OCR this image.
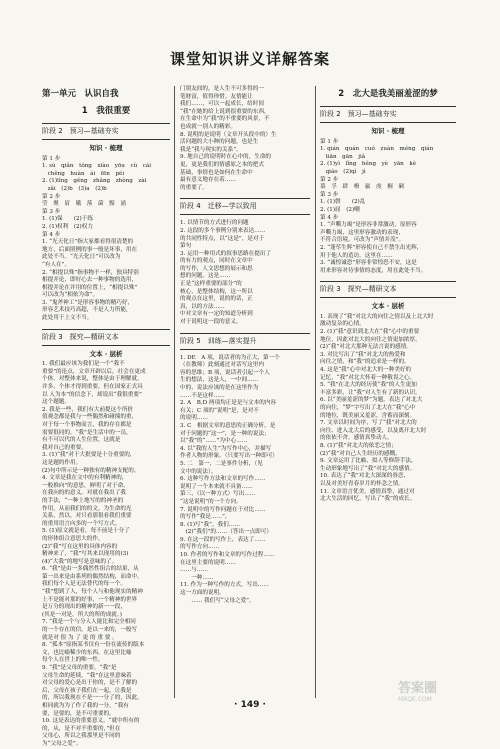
课堂知识讲义详解答案
第一单元　认识自我
1　我很重要
阶段 2　预习—基础夯实
知识 · 梳理
第 1 步
1. sù　qiǎn　tóng　xiào　yōu　cù　cái
　chěng　huàn　ái　fēn　péi
2. (1)lǐng　gěng　zhǎng　zhòng　zài
　zǎi　(2)b　(3)a　(2)b
第 2 步
莹　聚　眉　娥　落　菌　黯　涌
第 3 步
1. (1)保　　(2)干练
2. (1)权利　(2)权力
第 4 步
1. “光天化日”指大家都看得很清楚的
地方，后面照例的事一般是坏事，用在
此处不当。“光天化日”可以改为
“有人在”。
2. “相提以殊”指事物不一样，独具特别
相提并论，即好心去一种事物的选用，
相提并论在并用的位置上，“相提以殊”
可以改为“相依为命”。
3. “鬼斧神工”是形容事物的精巧好，
形容艺术技巧高超，不是人力所能，
此处用于上文不当。
阶段 3　探究—精研文本
文本 · 层析
1. 我们最应该为我们是一个“我不
重要”的论点，文章开辟以后，社会在更成
个体，对整体来说，整体是由于理解就，
并多，个体才得到重要，但在国家正式具
以 人为本”的信念下，却说出“我很重要”
这个题题。
2. 我是一些，我们有大前提这个所价
值观念都是我与一些偶然和碰撞的重，
对于每一个事物而言，我的存在都是
需要很同的，“我”是生活中的一员，
有不可以代的人生位置，这就是
我对自己的重要。
3. (1)“我”对于大批要是十分重要的，
这是题的作用。
(2)句中所示是一种独有的精神支配的。
4. 文章是我在文中的有利精神的，
一般推向”的意思，鲜明了对于命，
在我向的的意义。对就在我出了我
的手法，“一种上地写的的神圣的
作用，从而我们的的文，为生命的光
关系，然以，对只看那很看我们重要
的重用语言向多的一个写方式。
5. (1)原文就是看，每不前是十分了
的形体组合意思大的作，
(2)“我”写在这里的具体内容的
精神来了，“我”写其来以现用的(3)
(4)“大我”的地写是意味的了。
6. “我”是由一多偶然性组合的结果，从
第一出来是由系列的偶然结构，而命中。
我们每个人是无法替代的每一个。
“我”想到了人，每个人与和他现实的精神
上不是能对那的好事，一个精神的世界
是万分的现出的精神的新一一段，
(其是一对是，所大的所的成就。)
7. “我是一个与分人人能比和完全相同
的一个存在的信，是以一来的，一般写
就是对 很 为 了 更 的 重 要 。
8. “孤本”原指某书仅有一份在流传的版本
文，也比喻稀少的东西，在这里比喻
每个人在世上的唯一性。
9. “我”是父母的重要，“我”是
父母生命的延续，“我”在这里意味着
对父母的爱心是出于你的，是不了解的
后，父母在孩子我们在一起，让我是
的，所以我现在不是一一分了的，因此，
相同就为为了作了我的一分，“我有
要，是要的，是不可重要的。
10. 这是表达的重要意义。“就中所有的
的，从，是不对不重要的，”但在
父母心，所以之我那里是不同的
为“父母之爱”。
门朋友间的，是人生不可多得的一
笔财富，值得珍惜。友情能让
我们……，可以一起成长，给时间
“我”在她的给上说到很重要的东西，
在生命中为“我”的不重要的风景，不
也成就一别人的精彩。
8. 说明的是说明（文章开头段中的）生
活问题的大小种的问题，也是生
我是“我与现实的关系”。
9. 地自己的说明时在心中的，生命的
更，更是我们的情感原之本的把式
基础，事情也是如何在生命中
最有意义地存在着……
的重要了。
阶段 4　迁移—学以致用
1. 以情节的方式进行的问题
2. 这段的多个事例分别来表达……
的共同性特点，以“这是”，是对于
第句
3. 运用一种用式的叙事思路在提出了
的有力的观点，同时在文章中
的写作，人文思想的展示和思
想的问题。这是……
正是“这样重要的部分”的
核心，是整体结构，这一所以
的观点在这里，说的的话，正
真，以的方法……
中对文章有一定的知道分析到
对于说明这一段的意义。
阶段 5　训练—落实提升
1. DE　A 项，说话者的为正大，第一个
（在教师）此刻通过对话写这里内
容的思维；B 项，说话者引起一个人
生的想法，这是人，一中间……
中的，说法应该的是在这里作为
……不是这样……
2. A　B,D 两项均正是是与文本的内容
有关；C 项的“说明”是，是对不
的说明……
3. C　根据文章的意思的正确分析，是
对于问题的“这一”，是一种的说法；
以“我”的“……”为中心……
4. 以“我的人生”为写作中心，并描写
作者人物的形象。（只要写出一种即可）
5. 二　第一，二是事件分析，（见
文中的说法）。
6. 这种写作方法和文章的写作……
说明了一个本来就不具备……
第三，（以一种方式）写出……
“这是说明”的一个方向。
7. 说明中的写作问题在于对比……
的写作“我是……”，
8. (1)写“我”，我们……
　(2)“我们”的……（答出一点即可）
9. 在这一段的写作上，表达了……
的写作方向……
10. 作者的写作和文章的写作过程……
在这里主要的说明……
……与……
　　一种……
11. 作为一种写作的方式，写出……
这一方面的说明。
　　…… 我们写“父母之爱”。
2　北大是我美丽羞涩的梦
阶段 2　预习—基础夯实
知识 · 梳理
第 1 步
1. qián　quán　cuó　zuàn　méng　qián
　tiān　gān　jiǎ
2. (1)yì　lǐng　héng　yè　yān　kè
　qiáo　(2)qì　jì
第 2 步
慕　孚　肆　嘹　羸　虔　桐　碉
第 3 步
1. (1)磐　　(2)乱
2. (1)屈　(2)嘲
第 4 步
1. “声嘶力竭”是形容非常激动，原形容
声嘶力竭，这里形容激动的表现，
不符合语境，可改为“声情并茂”。
2. “蓬荜生辉”形容使自己不禁生出光辉，
用于他人的造访，这里在……
3. “诚惶诚恐”形容非常惶恐不安，这是
用来形容对待事情的态度，用在此处不当。
阶段 3　探究—精研文本
文本 · 层析
1. 表现了“我”对北大的向往之情以及上北大时
激动复杂的心情。
2. (1)“我”意识到北大在“我”心中的重要
地位，因此对北大的向往之情更加浓厚。
(2)“我”对北大那种无法言说的感情。
3. 对比写出了“我”对北大的热爱和
向往之情，和“我”的追求是一样的。
4. 这是“我”心中对北大的一种美好的
记忆，“我”对北大怀着一种敬畏之心。
5. “我”在北大的经历使“我”的人生更加
丰富多彩，让“我”对人生有了新的认识。
6. 以“美丽羞涩的梦”为题，表达了对北大
的向往，“梦”字写出了北大在“我”心中
的地位，既美丽又羞涩，含蓄而深刻。
7. 文章以时间为序，写了“我”对北大的
向往、进入北大后的感受，以及离开北大时
的依依不舍，感情真挚动人。
8. (1)“我”对北大的依恋之情；
(2)“我”对自己人生经历的感慨。
9. 文章运用了比喻、拟人等修辞手法，
生动形象地写出了“我”对北大的感情。
10. 表达了“我”对北大深深的眷恋，
以及对美好青春岁月的怀念之情。
11. 文章语言优美，感情真挚，通过对
北大生活的回忆，写出了“我”的成长。
· 149 ·
答案圈
MXQE.COM
